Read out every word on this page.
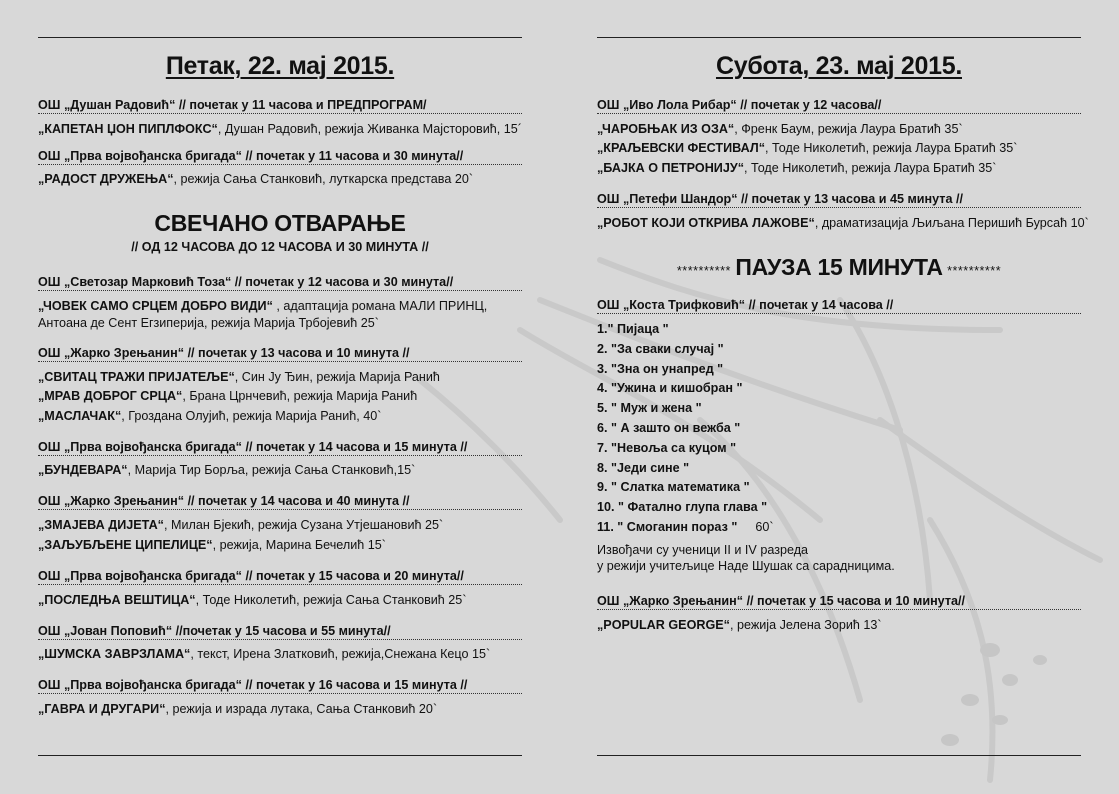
Петак, 22. мај 2015.
ОШ „Душан Радовић“ // почетак у 11 часова и ПРЕДПРОГРАМ/
„КАПЕТАН ЏОН ПИПЛФОКС“, Душан Радовић, режија Живанка Мајсторовић, 15´
ОШ „Прва војвођанска бригада“ // почетак у 11 часова и 30 минута//
„РАДОСТ ДРУЖЕЊА“, режија Сања Станковић, луткарска представа 20`
СВЕЧАНО ОТВАРАЊЕ
// ОД 12 ЧАСОВА ДО 12 ЧАСОВА И 30 МИНУТА //
ОШ „Светозар Марковић Тоза“ // почетак у 12 часова и 30 минута//
„ЧОВЕК САМО СРЦЕМ ДОБРО ВИДИ“ , адаптација романа МАЛИ ПРИНЦ,
Антоана де Сент Егзиперија, режија Марија Трбојевић 25`
ОШ „Жарко Зрењанин“ // почетак у 13 часова и 10 минута //
„СВИТАЦ ТРАЖИ ПРИЈАТЕЉЕ“, Син Ју Ђин, режија Марија Ранић
„МРАВ ДОБРОГ СРЦА“, Брана Црнчевић, режија Марија Ранић
„МАСЛАЧАК“, Гроздана Олујић, режија Марија Ранић, 40`
ОШ „Прва војвођанска бригада“ // почетак у 14 часова и 15 минута //
„БУНДЕВАРА“, Марија Тир Борља, режија Сања Станковић,15`
ОШ „Жарко Зрењанин“ // почетак у 14 часова и 40 минута //
„ЗМАЈЕВА ДИЈЕТА“, Милан Бјекић, режија Сузана Утјешановић 25`
„ЗАЉУБЉЕНЕ ЦИПЕЛИЦЕ“, режија, Марина Бечелић 15`
ОШ „Прва војвођанска бригада“ // почетак у 15 часова и 20 минута//
„ПОСЛЕДЊА ВЕШТИЦА“, Тоде Николетић, режија Сања Станковић 25`
ОШ „Јован Поповић“ //почетак у 15 часова и 55 минута//
„ШУМСКА ЗАВРЗЛАМА“, текст, Ирена Златковић, режија,Снежана Кецо 15`
ОШ „Прва војвођанска бригада“ // почетак у 16 часова и 15 минута //
„ГАВРА И ДРУГАРИ“, режија и израда лутака, Сања Станковић 20`
Субота, 23. мај 2015.
ОШ „Иво Лола Рибар“ // почетак у 12 часова//
„ЧАРОБЊАК ИЗ ОЗА“, Френк Баум, режија Лаура Братић 35`
„КРАЉЕВСКИ ФЕСТИВАЛ“, Тоде Николетић, режија Лаура Братић 35`
„БАЈКА О ПЕТРОНИЈУ“, Тоде Николетић, режија Лаура Братић 35`
ОШ „Петефи Шандор“ // почетак у 13 часова и 45 минута //
„РОБОТ КОЈИ ОТКРИВА ЛАЖОВЕ“, драматизација Љиљана Перишић Бурсаћ 10`
********** ПАУЗА 15 МИНУТА **********
ОШ „Коста Трифковић“ // почетак у 14 часова //
1." Пијаца "
2. "За сваки случај "
3. "Зна он унапред "
4. "Ужина и кишобран "
5. " Муж и жена "
6. " А зашто он вежба "
7. "Невоља са куцом "
8. "Једи сине "
9. " Слатка математика "
10. " Фатално глупа глава "
11. " Смоганин пораз " 60`
Извођачи су ученици II и IV разреда
у режији учитељице Наде Шушак са сарадницима.
ОШ „Жарко Зрењанин“ // почетак у 15 часова и 10 минута//
„POPULAR GEORGE“, режија Јелена Зорић 13`
